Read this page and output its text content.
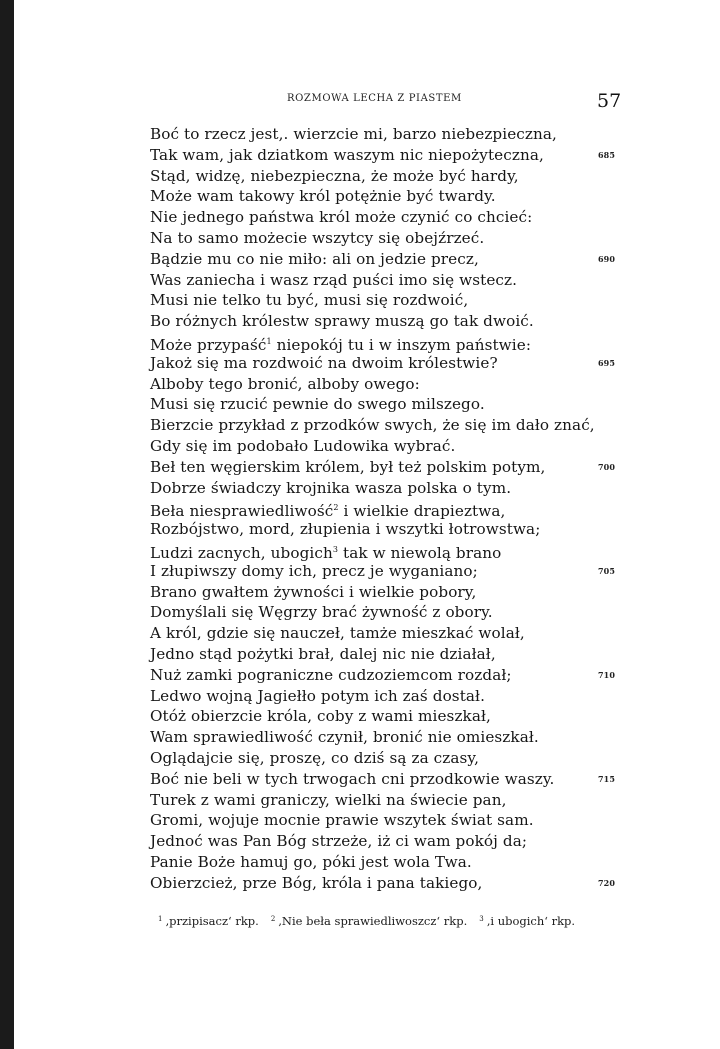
ROZMOWA LECHA Z PIASTEM	57
Boć to rzecz jest,. wierzcie mi, barzo niebezpieczna,
Tak wam, jak dziatkom waszym nic niepożyteczna,	685
Stąd, widzę, niebezpieczna, że może być hardy,
Może wam takowy król potężnie być twardy.
Nie jednego państwa król może czynić co chcieć:
Na to samo możecie wszytcy się obejźrzeć.
Bądzie mu co nie miło: ali on jedzie precz,	690
Was zaniecha i wasz rząd puści imo się wstecz.
Musi nie telko tu być, musi się rozdwoić,
Bo różnych królestw sprawy muszą go tak dwoić.
Może przypaść$^1$ niepokój tu i w inszym państwie:
Jakoż się ma rozdwoić na dwoim królestwie?	695
Alboby tego bronić, alboby owego:
Musi się rzucić pewnie do swego milszego.
Bierzcie przykład z przodków swych, że się im dało znać,
Gdy się im podobało Ludowika wybrać.
Beł ten węgierskim królem, był też polskim potym,	700
Dobrze świadczy krojnika wasza polska o tym.
Beła niesprawiedliwość$^2$ i wielkie drapieztwa,
Rozbójstwo, mord, złupienia i wszytki łotrowstwa;
Ludzi zacnych, ubogich$^3$ tak w niewolą brano
I złupiwszy domy ich, precz je wyganiano;	705
Brano gwałtem żywności i wielkie pobory,
Domyślali się Węgrzy brać żywność z obory.
A król, gdzie się nauczeł, tamże mieszkać wolał,
Jedno stąd pożytki brał, dalej nic nie działał,
Nuż zamki pograniczne cudzoziemcom rozdał;	710
Ledwo wojną Jagiełło potym ich zaś dostał.
Otóż obierzcie króla, coby z wami mieszkał,
Wam sprawiedliwość czynił, bronić nie omieszkał.
Oglądajcie się, proszę, co dziś są za czasy,
Boć nie beli w tych trwogach cni przodkowie waszy.	715
Turek z wami graniczy, wielki na świecie pan,
Gromi, wojuje mocnie prawie wszytek świat sam.
Jednoć was Pan Bóg strzeże, iż ci wam pokój da;
Panie Boże hamuj go, póki jest wola Twa.
Obierzcież, prze Bóg, króla i pana takiego,	720
$^1$ ‚przipisacz‘ rkp. $^2$ ‚Nie beła sprawiedliwoszcz‘ rkp. $^3$ ‚i ubogich‘ rkp.
